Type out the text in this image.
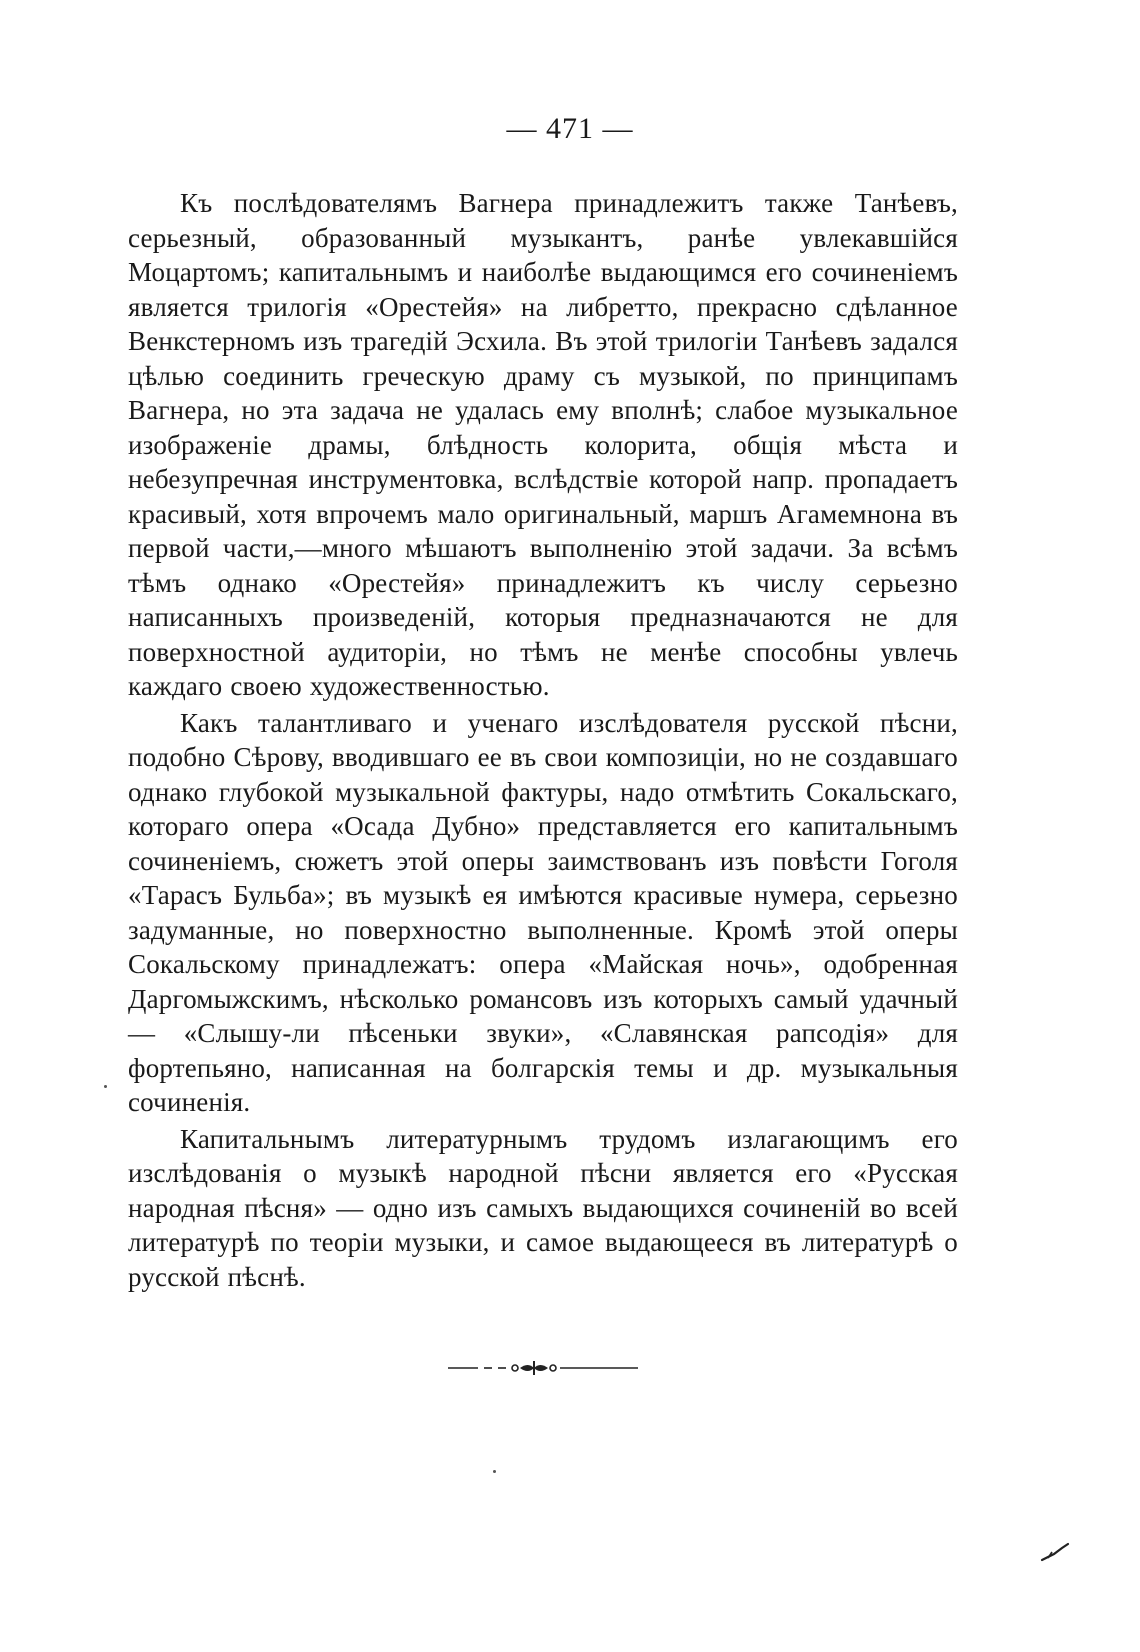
— 471 —

Къ послѣдователямъ Вагнера принадлежитъ также Танѣевъ, серьезный, образованный музыкантъ, ранѣе увлекавшійся Моцартомъ; капитальнымъ и наиболѣе выдающимся его сочиненіемъ является трилогія «Орестейя» на либретто, прекрасно сдѣланное Венкстерномъ изъ трагедій Эсхила. Въ этой трилогіи Танѣевъ задался цѣлью соединить греческую драму съ музыкой, по принципамъ Вагнера, но эта задача не удалась ему вполнѣ; слабое музыкальное изображеніе драмы, блѣдность колорита, общія мѣста и небезупречная инструментовка, вслѣдствіе которой напр. пропадаетъ красивый, хотя впрочемъ мало оригинальный, маршъ Агамемнона въ первой части,—много мѣшаютъ выполненію этой задачи. За всѣмъ тѣмъ однако «Орестейя» принадлежитъ къ числу серьезно написанныхъ произведеній, которыя предназначаются не для поверхностной аудиторіи, но тѣмъ не менѣе способны увлечь каждаго своею художественностью.

Какъ талантливаго и ученаго изслѣдователя русской пѣсни, подобно Сѣрову, вводившаго ее въ свои композиціи, но не создавшаго однако глубокой музыкальной фактуры, надо отмѣтить Сокальскаго, котораго опера «Осада Дубно» представляется его капитальнымъ сочиненіемъ, сюжетъ этой оперы заимствованъ изъ повѣсти Гоголя «Тарасъ Бульба»; въ музыкѣ ея имѣются красивые нумера, серьезно задуманные, но поверхностно выполненные. Кромѣ этой оперы Сокальскому принадлежатъ: опера «Майская ночь», одобренная Даргомыжскимъ, нѣсколько романсовъ изъ которыхъ самый удачный — «Слышу-ли пѣсеньки звуки», «Славянская рапсодія» для фортепьяно, написанная на болгарскія темы и др. музыкальныя сочиненія.

Капитальнымъ литературнымъ трудомъ излагающимъ его изслѣдованія о музыкѣ народной пѣсни является его «Русская народная пѣсня» — одно изъ самыхъ выдающихся сочиненій во всей литературѣ по теоріи музыки, и самое выдающееся въ литературѣ о русской пѣснѣ.
